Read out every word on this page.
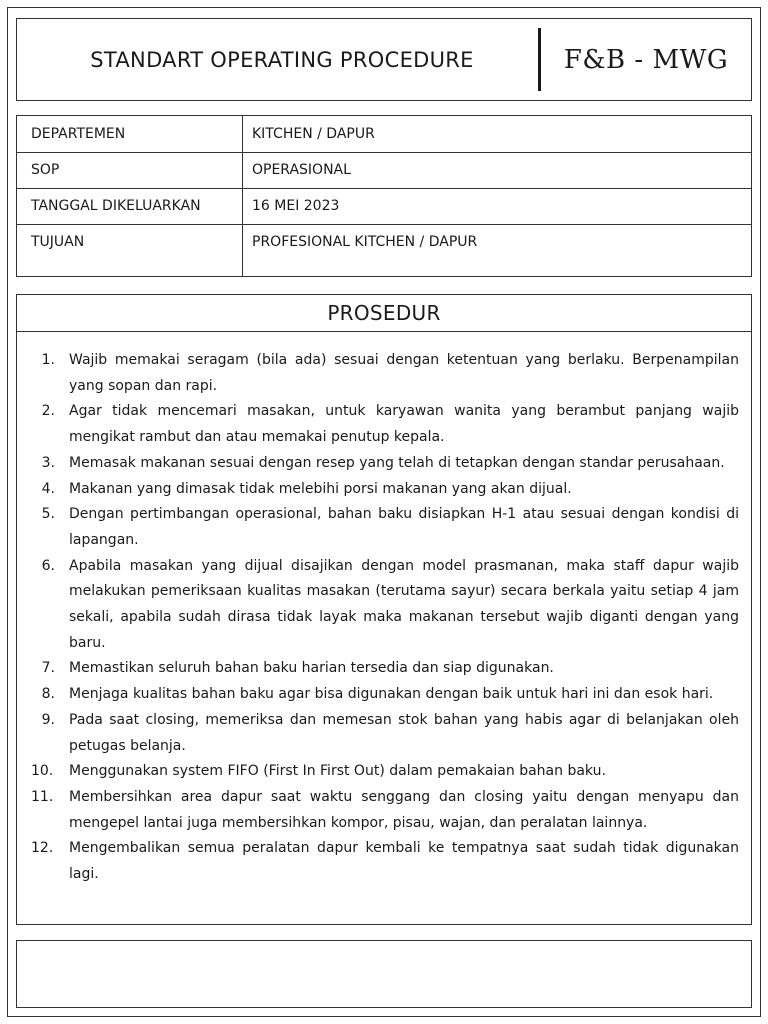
STANDART OPERATING PROCEDURE	F&B - MWG
DEPARTEMEN	KITCHEN / DAPUR
SOP	OPERASIONAL
TANGGAL DIKELUARKAN	16 MEI 2023
TUJUAN	PROFESIONAL KITCHEN / DAPUR
PROSEDUR
1. Wajib memakai seragam (bila ada) sesuai dengan ketentuan yang berlaku. Berpenampilan yang sopan dan rapi.
2. Agar tidak mencemari masakan, untuk karyawan wanita yang berambut panjang wajib mengikat rambut dan atau memakai penutup kepala.
3. Memasak makanan sesuai dengan resep yang telah di tetapkan dengan standar perusahaan.
4. Makanan yang dimasak tidak melebihi porsi makanan yang akan dijual.
5. Dengan pertimbangan operasional, bahan baku disiapkan H-1 atau sesuai dengan kondisi di lapangan.
6. Apabila masakan yang dijual disajikan dengan model prasmanan, maka staff dapur wajib melakukan pemeriksaan kualitas masakan (terutama sayur) secara berkala yaitu setiap 4 jam sekali, apabila sudah dirasa tidak layak maka makanan tersebut wajib diganti dengan yang baru.
7. Memastikan seluruh bahan baku harian tersedia dan siap digunakan.
8. Menjaga kualitas bahan baku agar bisa digunakan dengan baik untuk hari ini dan esok hari.
9. Pada saat closing, memeriksa dan memesan stok bahan yang habis agar di belanjakan oleh petugas belanja.
10.	Menggunakan system FIFO (First In First Out) dalam pemakaian bahan baku.
11.	Membersihkan area dapur saat waktu senggang dan closing yaitu dengan menyapu dan mengepel lantai juga membersihkan kompor, pisau, wajan, dan peralatan lainnya.
12.	Mengembalikan semua peralatan dapur kembali ke tempatnya saat sudah tidak digunakan lagi.
